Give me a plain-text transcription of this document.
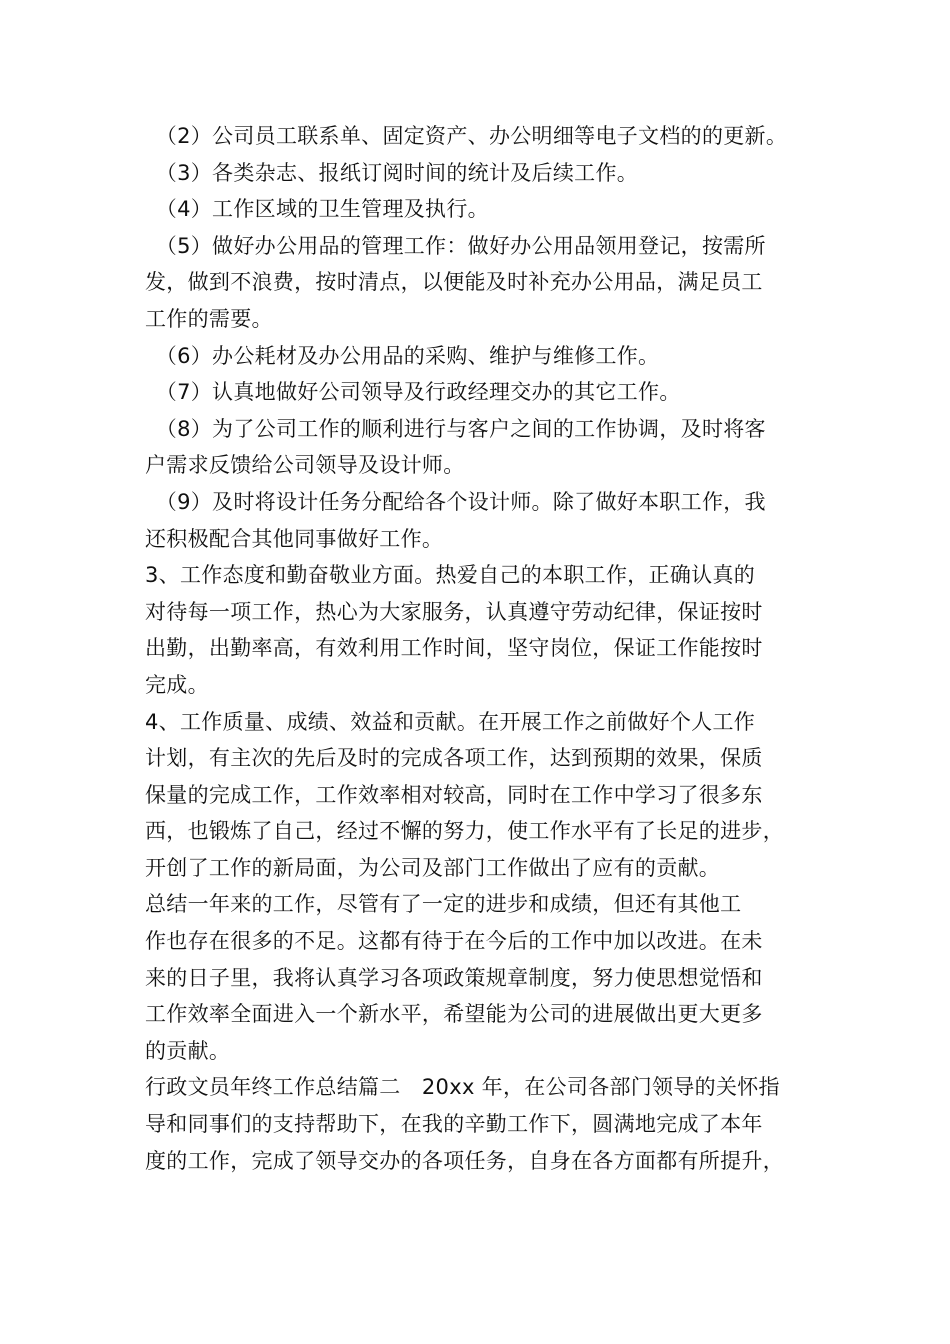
　（2）公司员工联系单、固定资产、办公明细等电子文档的的更新。
　（3）各类杂志、报纸订阅时间的统计及后续工作。
　（4）工作区域的卫生管理及执行。
　（5）做好办公用品的管理工作：做好办公用品领用登记，按需所
发，做到不浪费，按时清点，以便能及时补充办公用品，满足员工
工作的需要。
　（6）办公耗材及办公用品的采购、维护与维修工作。
　（7）认真地做好公司领导及行政经理交办的其它工作。
　（8）为了公司工作的顺利进行与客户之间的工作协调，及时将客
户需求反馈给公司领导及设计师。
　（9）及时将设计任务分配给各个设计师。除了做好本职工作，我
还积极配合其他同事做好工作。
3、工作态度和勤奋敬业方面。热爱自己的本职工作，正确认真的
对待每一项工作，热心为大家服务，认真遵守劳动纪律，保证按时
出勤，出勤率高，有效利用工作时间，坚守岗位，保证工作能按时
完成。
4、工作质量、成绩、效益和贡献。在开展工作之前做好个人工作
计划，有主次的先后及时的完成各项工作，达到预期的效果，保质
保量的完成工作，工作效率相对较高，同时在工作中学习了很多东
西，也锻炼了自己，经过不懈的努力，使工作水平有了长足的进步，
开创了工作的新局面，为公司及部门工作做出了应有的贡献。
总结一年来的工作，尽管有了一定的进步和成绩，但还有其他工
作也存在很多的不足。这都有待于在今后的工作中加以改进。在未
来的日子里，我将认真学习各项政策规章制度，努力使思想觉悟和
工作效率全面进入一个新水平，希望能为公司的进展做出更大更多
的贡献。
行政文员年终工作总结篇二　20xx 年，在公司各部门领导的关怀指
导和同事们的支持帮助下，在我的辛勤工作下，圆满地完成了本年
度的工作，完成了领导交办的各项任务，自身在各方面都有所提升，
